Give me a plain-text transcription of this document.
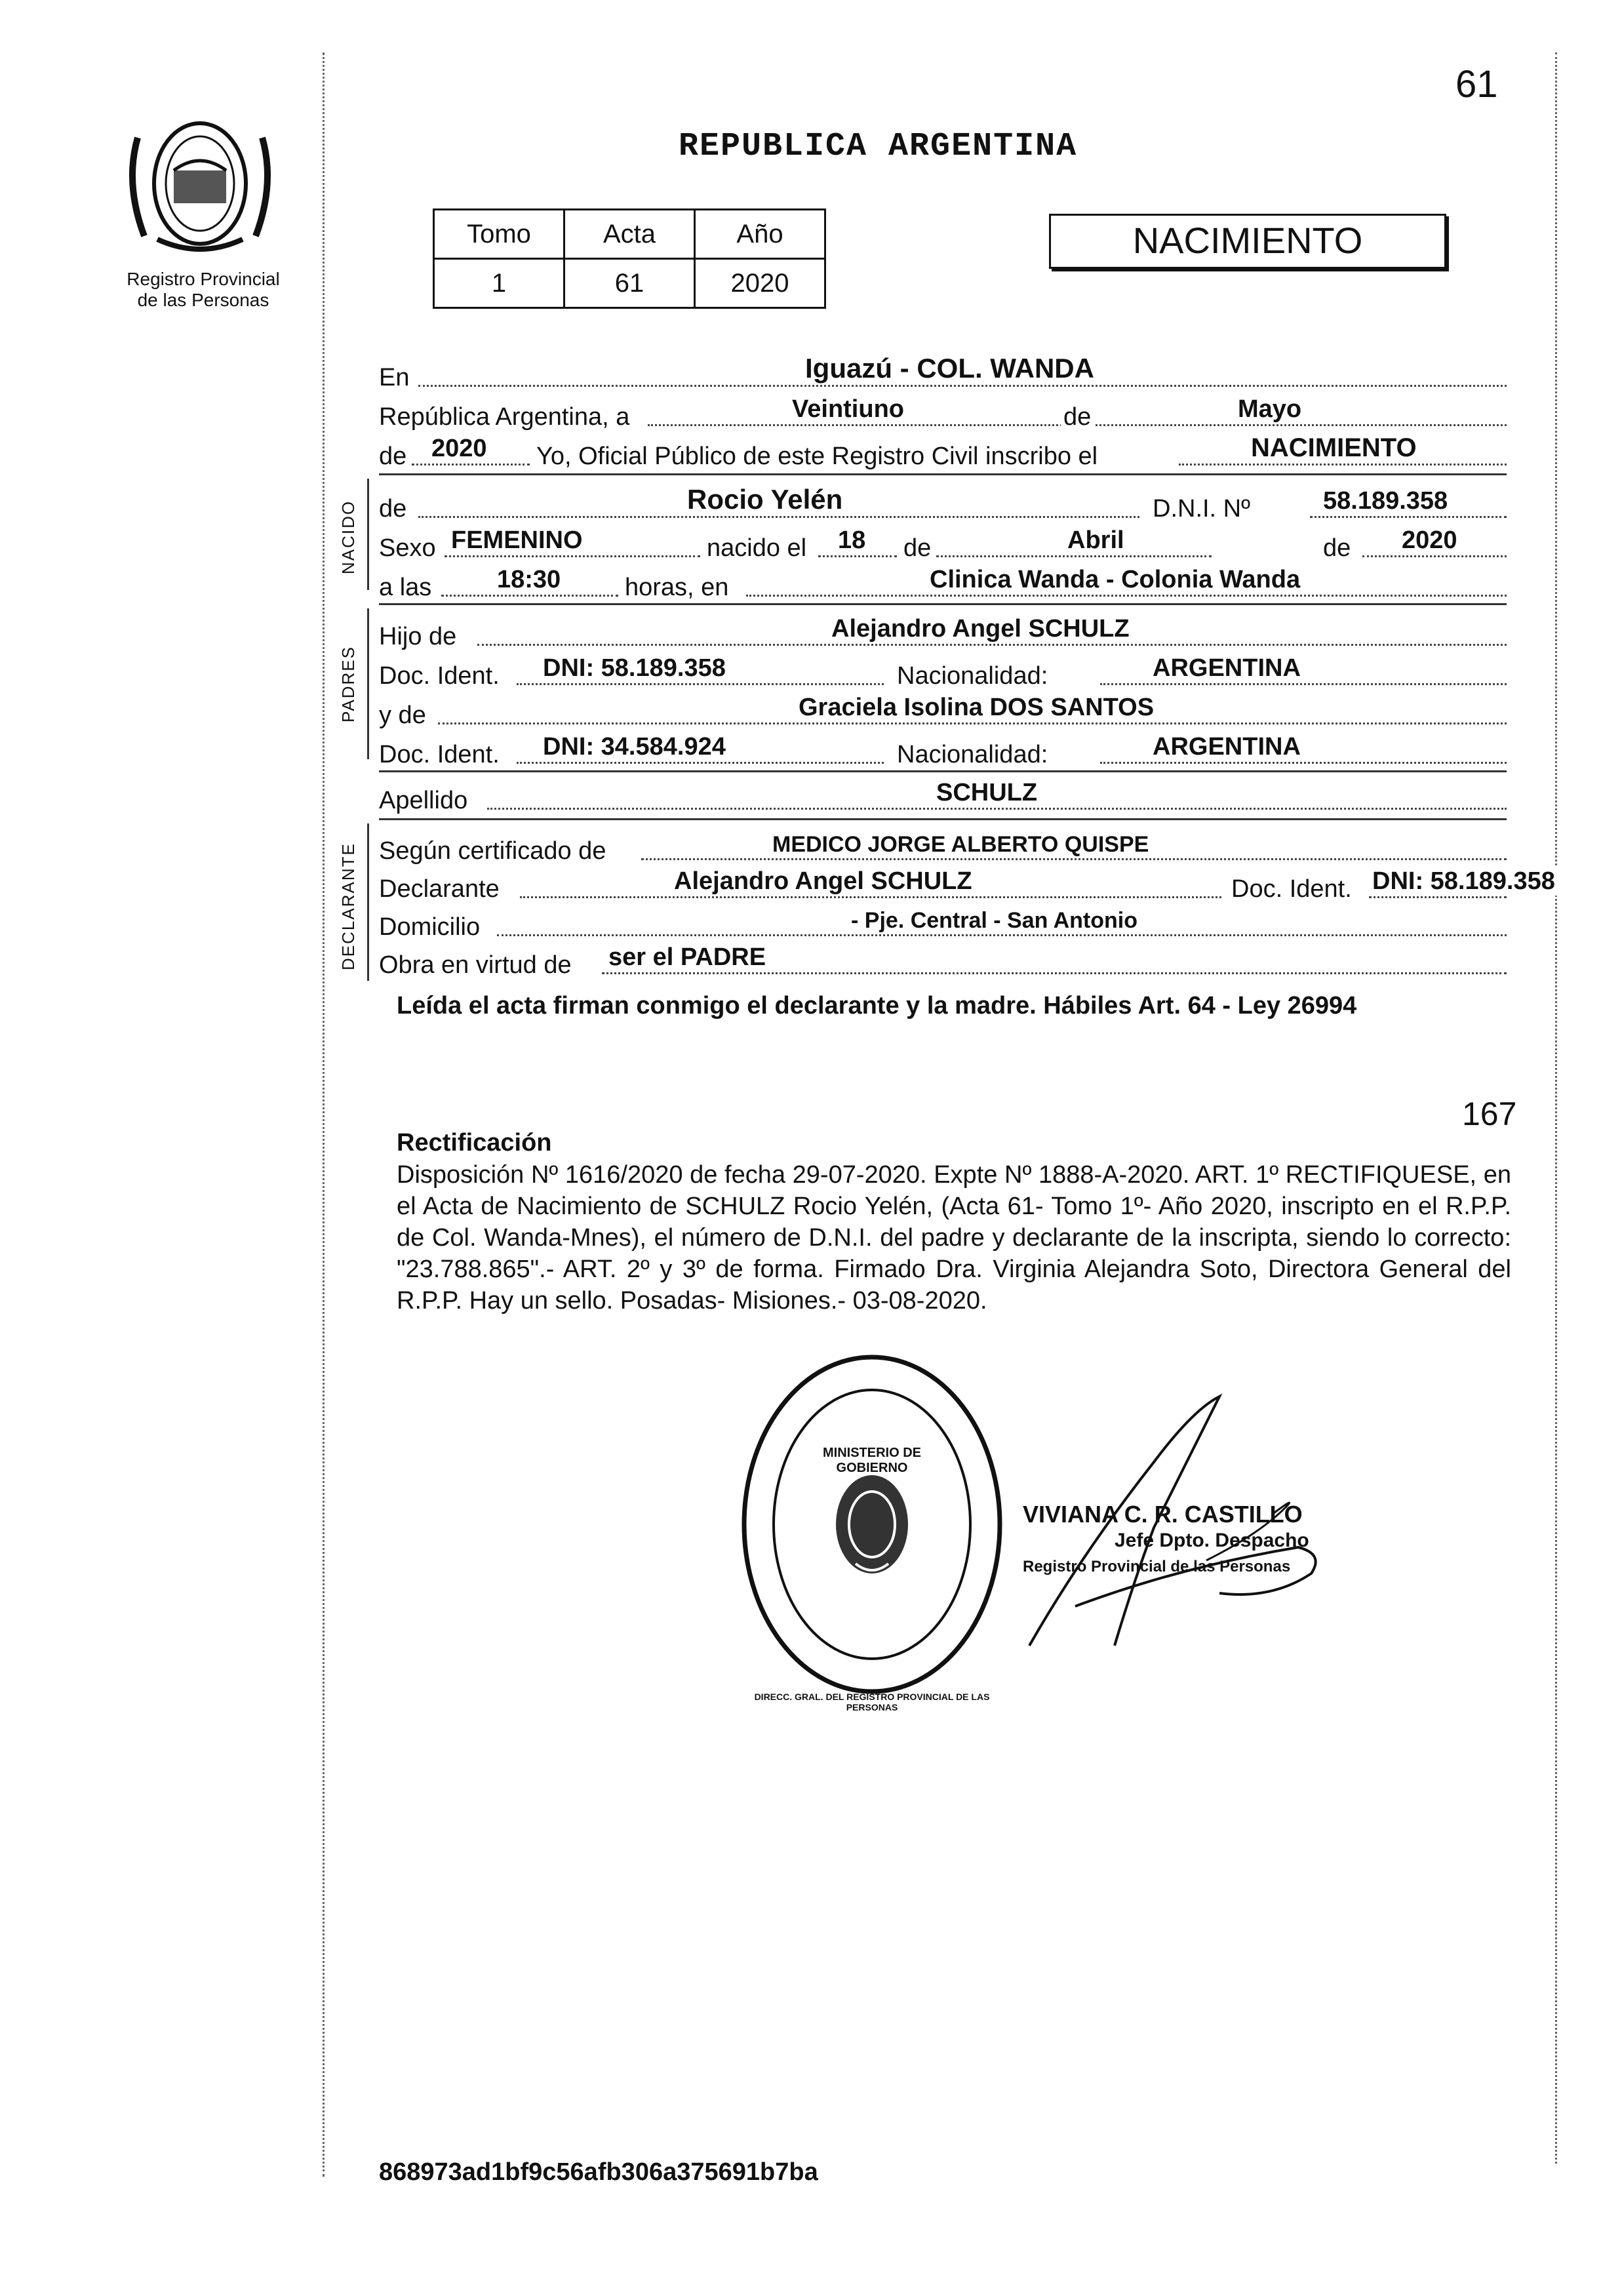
61
Registro Provincial
de las Personas
REPUBLICA ARGENTINA
Tomo	Acta	Año
1	61	2020
NACIMIENTO
En	Iguazú - COL. WANDA
República Argentina, a	Veintiuno	de	Mayo
de 2020 Yo, Oficial Público de este Registro Civil inscribo el	NACIMIENTO
NACIDO de	Rocio Yelén	D.N.I. Nº	58.189.358
Sexo FEMENINO	nacido el 18 de	Abril	de 2020
a las	18:30	horas, en	Clinica Wanda - Colonia Wanda
PADRES
Hijo de	Alejandro Angel SCHULZ
Doc. Ident. DNI: 58.189.358	Nacionalidad:	ARGENTINA
y de	Graciela Isolina DOS SANTOS
Doc. Ident. DNI: 34.584.924	Nacionalidad:	ARGENTINA
Apellido	SCHULZ
DECLARANTE Según certificado de	MEDICO JORGE ALBERTO QUISPE
Declarante	Alejandro Angel SCHULZ	Doc. Ident. DNI: 58.189.358
Domicilio	- Pje. Central - San Antonio
Obra en virtud de ser el PADRE
Leída el acta firman conmigo el declarante y la madre. Hábiles Art. 64 - Ley 26994
167
Rectificación
Disposición Nº 1616/2020 de fecha 29-07-2020. Expte Nº 1888-A-2020. ART. 1º RECTIFIQUESE, en el Acta de Nacimiento de SCHULZ Rocio Yelén, (Acta 61- Tomo 1º- Año 2020, inscripto en el R.P.P. de Col. Wanda-Mnes), el número de D.N.I. del padre y declarante de la inscripta, siendo lo correcto: "23.788.865".- ART. 2º y 3º de forma. Firmado Dra. Virginia Alejandra Soto, Directora General del R.P.P. Hay un sello. Posadas- Misiones.- 03-08-2020.
DIRECC. GRAL. DEL REGISTRO PROVINCIAL DE LAS PERSONAS
MINISTERIO DE GOBIERNO
VIVIANA C. R. CASTILLO
Jefe Dpto. Despacho
Registro Provincial de las Personas
868973ad1bf9c56afb306a375691b7ba
